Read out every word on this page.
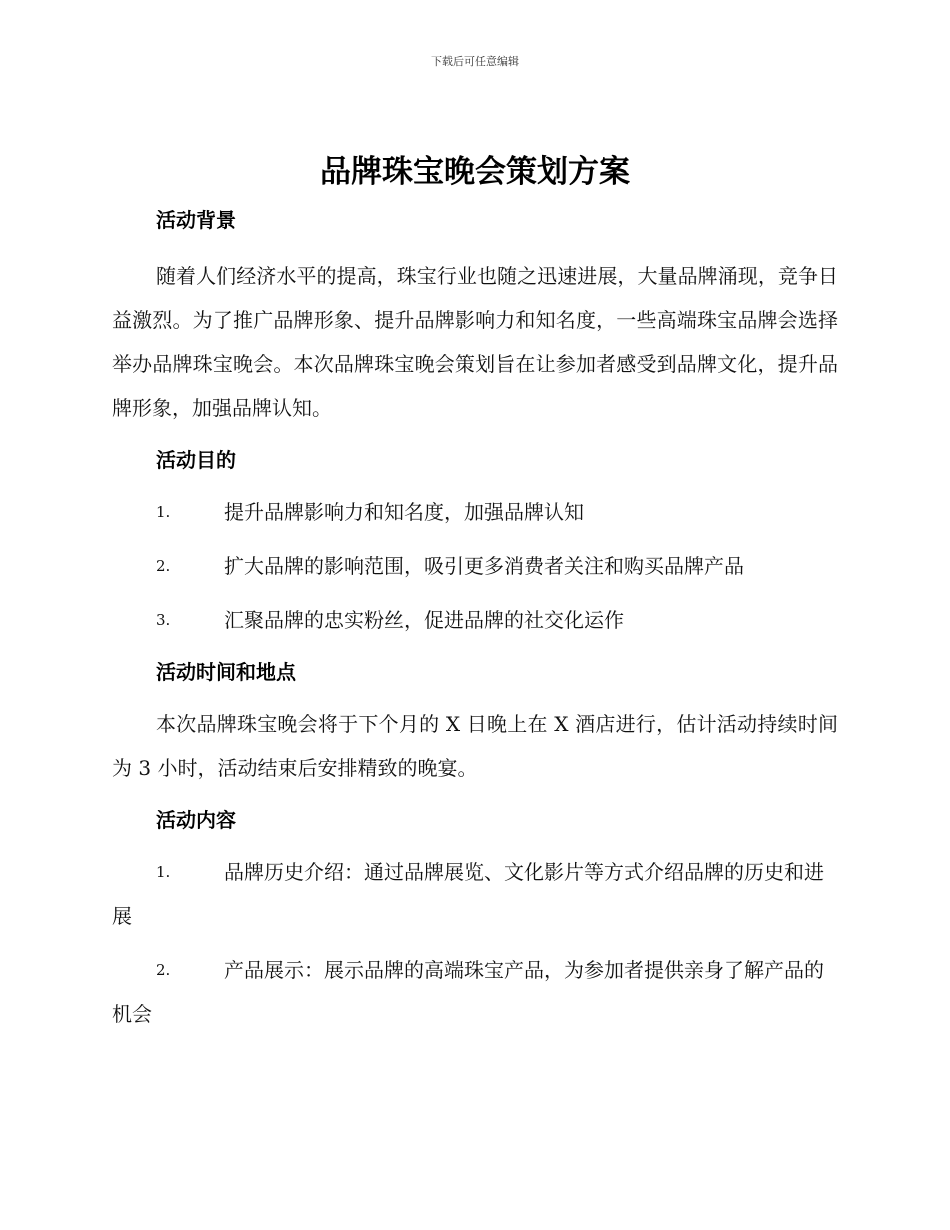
下载后可任意编辑
品牌珠宝晚会策划方案
活动背景

随着人们经济水平的提高，珠宝行业也随之迅速进展，大量品牌涌现，竞争日益激烈。为了推广品牌形象、提升品牌影响力和知名度，一些高端珠宝品牌会选择举办品牌珠宝晚会。本次品牌珠宝晚会策划旨在让参加者感受到品牌文化，提升品牌形象，加强品牌认知。

活动目的
1.	提升品牌影响力和知名度，加强品牌认知
2.	扩大品牌的影响范围，吸引更多消费者关注和购买品牌产品
3.	汇聚品牌的忠实粉丝，促进品牌的社交化运作
活动时间和地点

本次品牌珠宝晚会将于下个月的 X 日晚上在 X 酒店进行，估计活动持续时间为 3 小时，活动结束后安排精致的晚宴。

活动内容
1.	品牌历史介绍：通过品牌展览、文化影片等方式介绍品牌的历史和进展
2.	产品展示：展示品牌的高端珠宝产品，为参加者提供亲身了解产品的机会
